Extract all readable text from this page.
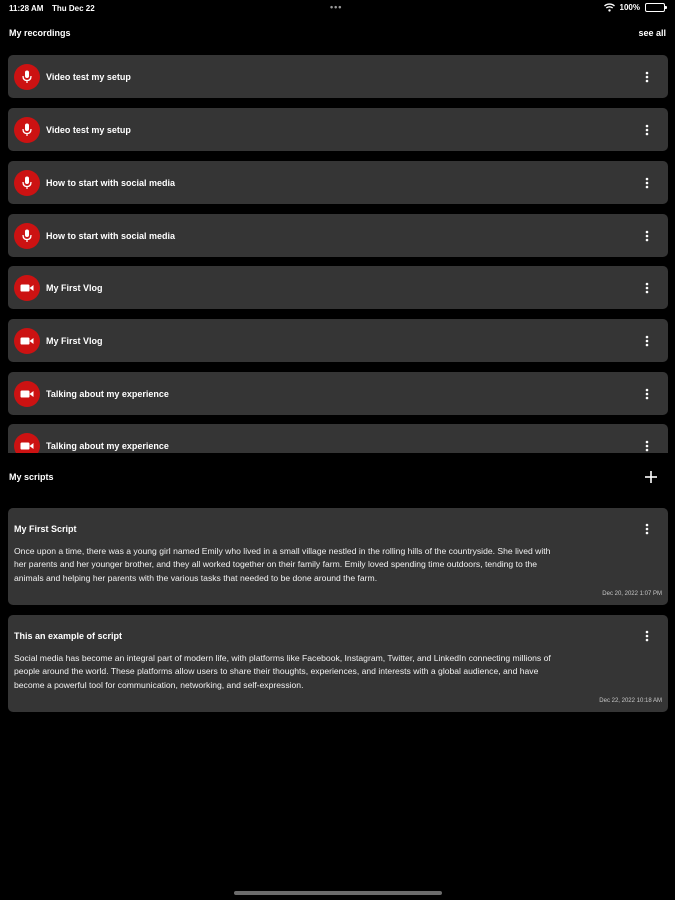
11:28 AM Thu Dec 22	•••	100%
My recordings	see all
Video test my setup
Video test my setup
How to start with social media
How to start with social media
My First Vlog
My First Vlog
Talking about my experience
Talking about my experience
My scripts
My First Script
Once upon a time, there was a young girl named Emily who lived in a small village nestled in the rolling hills of the countryside. She lived with
her parents and her younger brother, and they all worked together on their family farm. Emily loved spending time outdoors, tending to the
animals and helping her parents with the various tasks that needed to be done around the farm.
Dec 20, 2022 1:07 PM
This an example of script
Social media has become an integral part of modern life, with platforms like Facebook, Instagram, Twitter, and LinkedIn connecting millions of
people around the world. These platforms allow users to share their thoughts, experiences, and interests with a global audience, and have
become a powerful tool for communication, networking, and self-expression.
Dec 22, 2022 10:18 AM
